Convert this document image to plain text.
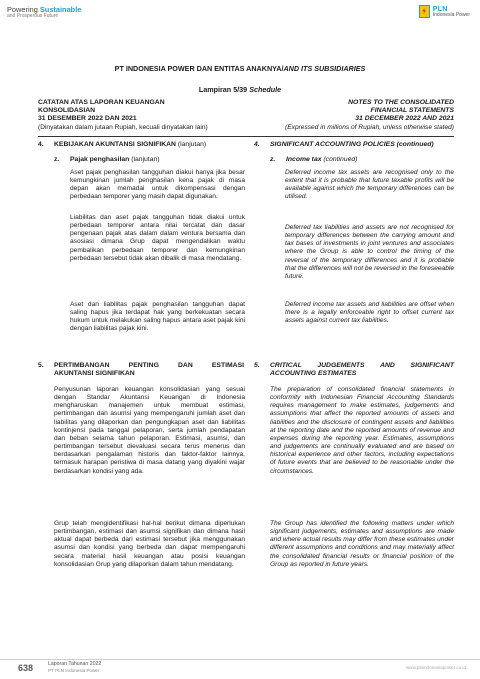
Powering Sustainable
and Prosperous Future
PLN
Indonesia Power
PT INDONESIA POWER DAN ENTITAS ANAKNYA/AND ITS SUBSIDIARIES
Lampiran 5/39 Schedule
CATATAN ATAS LAPORAN KEUANGAN
KONSOLIDASIAN
31 DESEMBER 2022 DAN 2021
(Dinyatakan dalam jutaan Rupiah, kecuali dinyatakan lain)
NOTES TO THE CONSOLIDATED
FINANCIAL STATEMENTS
31 DECEMBER 2022 AND 2021
(Expressed in millions of Rupiah, unless otherwise stated)
4. KEBIJAKAN AKUNTANSI SIGNIFIKAN (lanjutan)	4. SIGNIFICANT ACCOUNTING POLICIES (continued)
z. Pajak penghasilan (lanjutan)	z. Income tax (continued)
Aset pajak penghasilan tangguhan diakui hanya jika besar kemungkinan jumlah penghasilan kena pajak di masa depan akan memadai untuk dikompensasi dengan perbedaan temporer yang masih dapat digunakan.
Liabilitas dan aset pajak tangguhan tidak diakui untuk perbedaan temporer antara nilai tercatat dan dasar pengenaan pajak atas dalam dalam ventura bersama dan asosiasi dimana Grup dapat mengendalikan waktu pembalikan perbedaan temporer dan kemungkinan perbedaan tersebut tidak akan dibalik di masa mendatang.
Aset dan liabilitas pajak penghasilan tangguhan dapat saling hapus jika terdapat hak yang berkekuatan secara hukum untuk melakukan saling hapus antara aset pajak kini dengan liabilitas pajak kini.
Deferred income tax assets are recognised only to the extent that it is probable that future taxable profits will be available against which the temporary differences can be utilised.
Deferred tax liabilities and assets are not recognised for temporary differences between the carrying amount and tax bases of investments in joint ventures and associates where the Group is able to control the timing of the reversal of the temporary differences and it is probable that the differences will not be reversed in the foreseeable future.
Deferred income tax assets and liabilities are offset when there is a legally enforceable right to offset current tax assets against current tax liabilities.
5. PERTIMBANGAN PENTING DAN ESTIMASI
AKUNTANSI SIGNIFIKAN
5. CRITICAL JUDGEMENTS AND SIGNIFICANT
ACCOUNTING ESTIMATES
Penyusunan laporan keuangan konsolidasian yang sesuai dengan Standar Akuntansi Keuangan di Indonesia mengharuskan manajemen untuk membuat estimasi, pertimbangan dan asumsi yang mempengaruhi jumlah aset dan liabilitas yang dilaporkan dan pengungkapan aset dan liabilitas kontinjensi pada tanggal pelaporan, serta jumlah pendapatan dan beban selama tahun pelaporan. Estimasi, asumsi, dan pertimbangan tersebut dievaluasi secara terus menerus dan berdasarkan pengalaman historis dan faktor-faktor lainnya, termasuk harapan peristiwa di masa datang yang diyakini wajar berdasarkan kondisi yang ada.
Grup telah mengidentifikasi hal-hal berikut dimana diperlukan pertimbangan, estimasi dan asumsi signifikan dan dimana hasil aktual dapat berbeda dari estimasi tersebut jika menggunakan asumsi dan kondisi yang berbeda dan dapat mempengaruhi secara material hasil keuangan atau posisi keuangan konsolidasian Grup yang dilaporkan dalam tahun mendatang.
The preparation of consolidated financial statements in conformity with Indonesian Financial Accounting Standards requires management to make estimates, judgements and assumptions that affect the reported amounts of assets and liabilities and the disclosure of contingent assets and liabilities at the reporting date and the reported amounts of revenue and expenses during the reporting year. Estimates, assumptions and judgements are continually evaluated and are based on historical experience and other factors, including expectations of future events that are believed to be reasonable under the circumstances.
The Group has identified the following matters under which significant judgements, estimates and assumptions are made and where actual results may differ from these estimates under different assumptions and conditions and may materially affect the consolidated financial results or financial position of the Group as reported in future years.
638	Laporan Tahunan 2022
PT PLN Indonesia Power
www.plnindonesiapower.co.id
